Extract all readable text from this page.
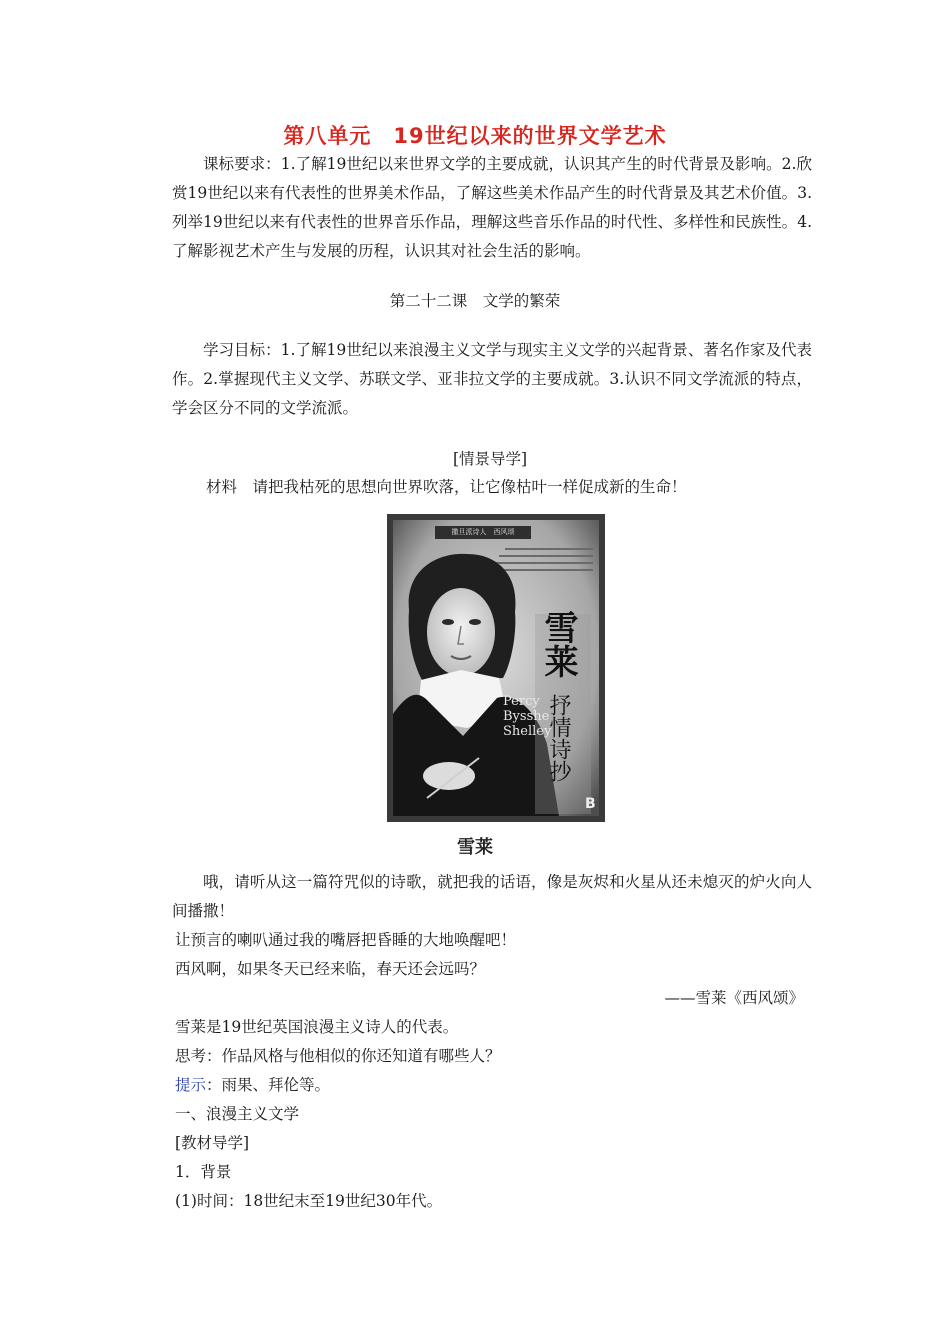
第八单元　19世纪以来的世界文学艺术

课标要求：1.了解19世纪以来世界文学的主要成就，认识其产生的时代背景及影响。2.欣赏19世纪以来有代表性的世界美术作品，了解这些美术作品产生的时代背景及其艺术价值。3.列举19世纪以来有代表性的世界音乐作品，理解这些音乐作品的时代性、多样性和民族性。4.了解影视艺术产生与发展的历程，认识其对社会生活的影响。

第二十二课　文学的繁荣

学习目标：1.了解19世纪以来浪漫主义文学与现实主义文学的兴起背景、著名作家及代表作。2.掌握现代主义文学、苏联文学、亚非拉文学的主要成就。3.认识不同文学流派的特点，学会区分不同的文学流派。

[情景导学]
材料　请把我枯死的思想向世界吹落，让它像枯叶一样促成新的生命！
撒旦派诗人　西风颂
雪莱
抒情诗抄
Percy
Bysshe
Shelley
B
雪莱

哦，请听从这一篇符咒似的诗歌，就把我的话语，像是灰烬和火星从还未熄灭的炉火向人间播撒！

让预言的喇叭通过我的嘴唇把昏睡的大地唤醒吧！
西风啊，如果冬天已经来临，春天还会远吗？
——雪莱《西风颂》
雪莱是19世纪英国浪漫主义诗人的代表。
思考：作品风格与他相似的你还知道有哪些人？
提示：雨果、拜伦等。
一、浪漫主义文学
[教材导学]
1．背景
(1)时间：18世纪末至19世纪30年代。
